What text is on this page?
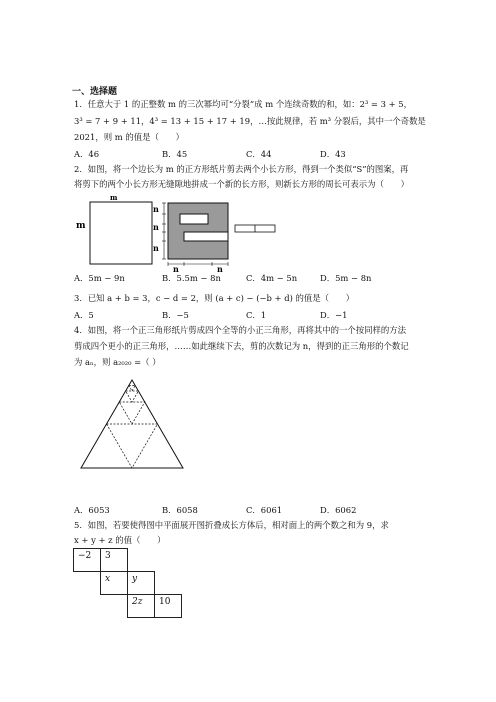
一、选择题
1．任意大于 1 的正整数 m 的三次幂均可“分裂”成 m 个连续奇数的和，如：2³ = 3 + 5，
3³ = 7 + 9 + 11，4³ = 13 + 15 + 17 + 19，…按此规律，若 m³ 分裂后，其中一个奇数是
2021，则 m 的值是（　　）
A．46	B．45	C．44	D．43
2．如图，将一个边长为 m 的正方形纸片剪去两个小长方形，得到一个类似“S”的图案，再
将剪下的两个小长方形无缝隙地拼成一个新的长方形，则新长方形的周长可表示为（　　）
m
m
n
n
n
n	n
A．5m − 9n	B．5.5m − 8n	C．4m − 5n	D．5m − 8n
3．已知 a + b = 3，c − d = 2，则 (a + c) − (−b + d) 的值是（　　）
A．5	B．−5	C．1	D．−1
4．如图，将一个正三角形纸片剪成四个全等的小正三角形，再将其中的一个按同样的方法
剪成四个更小的正三角形，……如此继续下去，剪的次数记为 n，得到的正三角形的个数记
为 aₙ，则 a₂₀₂₀ =（ ）
A．6053	B．6058	C．6061	D．6062
5．如图，若要使得图中平面展开图折叠成长方体后，相对面上的两个数之和为 9，求
x + y + z 的值（　　）
−2	3
x	y
2z	10
